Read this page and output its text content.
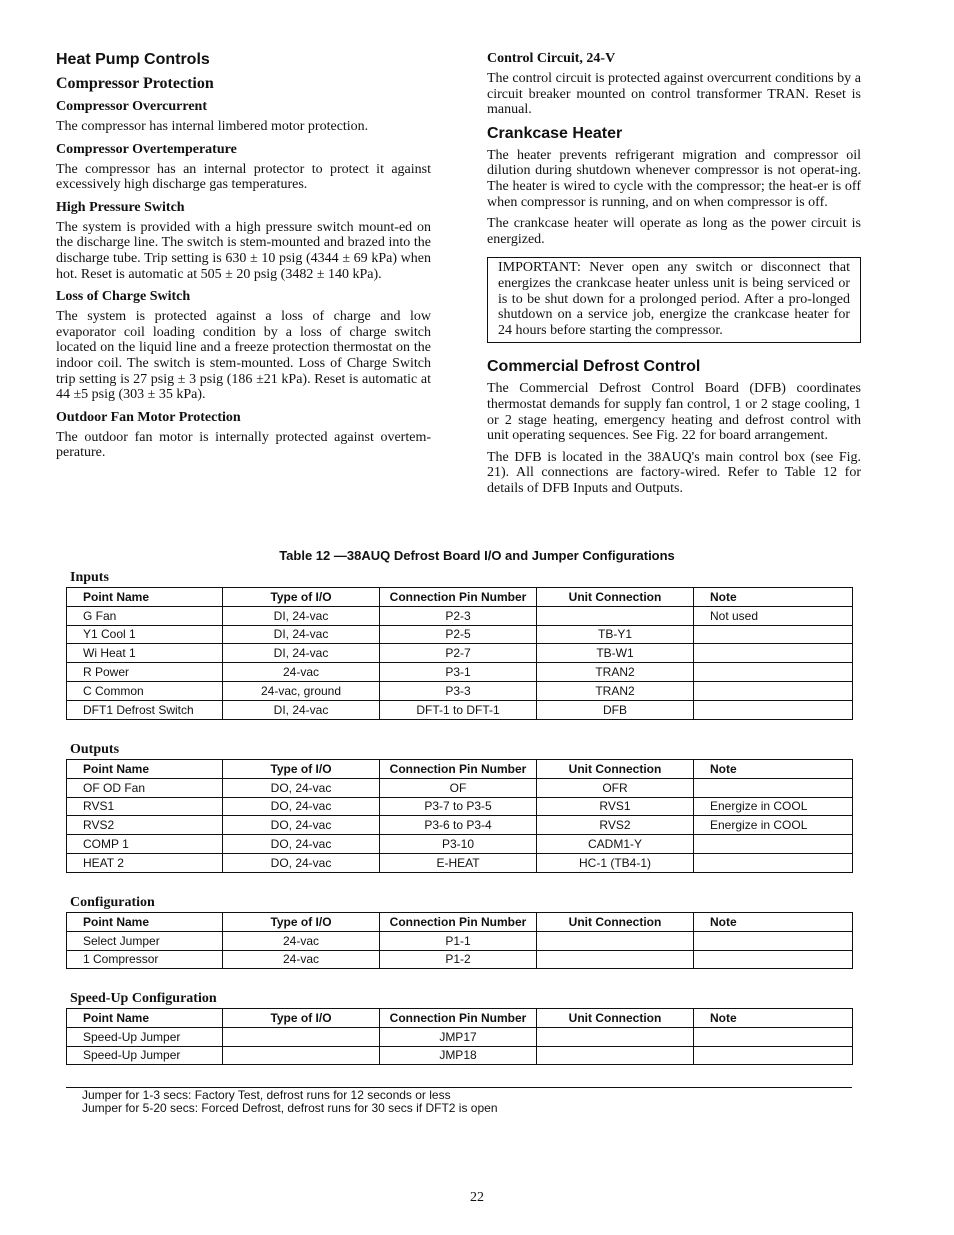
Heat Pump Controls
Compressor Protection
Compressor Overcurrent

The compressor has internal limbered motor protection.

Compressor Overtemperature

The compressor has an internal protector to protect it against excessively high discharge gas temperatures.

High Pressure Switch

The system is provided with a high pressure switch mount-ed on the discharge line. The switch is stem-mounted and brazed into the discharge tube. Trip setting is 630 ± 10 psig (4344 ± 69 kPa) when hot. Reset is automatic at 505 ± 20 psig (3482 ± 140 kPa).

Loss of Charge Switch

The system is protected against a loss of charge and low evaporator coil loading condition by a loss of charge switch located on the liquid line and a freeze protection thermostat on the indoor coil. The switch is stem-mounted. Loss of Charge Switch trip setting is 27 psig ± 3 psig (186 ±21 kPa). Reset is automatic at 44 ±5 psig (303 ± 35 kPa).

Outdoor Fan Motor Protection

The outdoor fan motor is internally protected against overtem-perature.

Control Circuit, 24-V

The control circuit is protected against overcurrent conditions by a circuit breaker mounted on control transformer TRAN. Reset is manual.

Crankcase Heater

The heater prevents refrigerant migration and compressor oil dilution during shutdown whenever compressor is not operat-ing. The heater is wired to cycle with the compressor; the heat-er is off when compressor is running, and on when compressor is off.

The crankcase heater will operate as long as the power circuit is energized.

IMPORTANT: Never open any switch or disconnect that energizes the crankcase heater unless unit is being serviced or is to be shut down for a prolonged period. After a pro-longed shutdown on a service job, energize the crankcase heater for 24 hours before starting the compressor.

Commercial Defrost Control

The Commercial Defrost Control Board (DFB) coordinates thermostat demands for supply fan control, 1 or 2 stage cooling, 1 or 2 stage heating, emergency heating and defrost control with unit operating sequences. See Fig. 22 for board arrangement.

The DFB is located in the 38AUQ's main control box (see Fig. 21). All connections are factory-wired. Refer to Table 12 for details of DFB Inputs and Outputs.

Table 12 —38AUQ Defrost Board I/O and Jumper Configurations
Inputs
Point Name	Type of I/O	Connection Pin Number	Unit Connection	Note
G Fan	DI, 24-vac	P2-3		Not used
Y1 Cool 1	DI, 24-vac	P2-5	TB-Y1	
Wi Heat 1	DI, 24-vac	P2-7	TB-W1	
R Power	24-vac	P3-1	TRAN2	
C Common	24-vac, ground	P3-3	TRAN2	
DFT1 Defrost Switch	DI, 24-vac	DFT-1 to DFT-1	DFB	
Outputs
Point Name	Type of I/O	Connection Pin Number	Unit Connection	Note
OF OD Fan	DO, 24-vac	OF	OFR	
RVS1	DO, 24-vac	P3-7 to P3-5	RVS1	Energize in COOL
RVS2	DO, 24-vac	P3-6 to P3-4	RVS2	Energize in COOL
COMP 1	DO, 24-vac	P3-10	CADM1-Y	
HEAT 2	DO, 24-vac	E-HEAT	HC-1 (TB4-1)	
Configuration
Point Name	Type of I/O	Connection Pin Number	Unit Connection	Note
Select Jumper	24-vac	P1-1		
1 Compressor	24-vac	P1-2		
Speed-Up Configuration
Point Name	Type of I/O	Connection Pin Number	Unit Connection	Note
Speed-Up Jumper		JMP17		
Speed-Up Jumper		JMP18		
Jumper for 1-3 secs: Factory Test, defrost runs for 12 seconds or less
Jumper for 5-20 secs: Forced Defrost, defrost runs for 30 secs if DFT2 is open
22
